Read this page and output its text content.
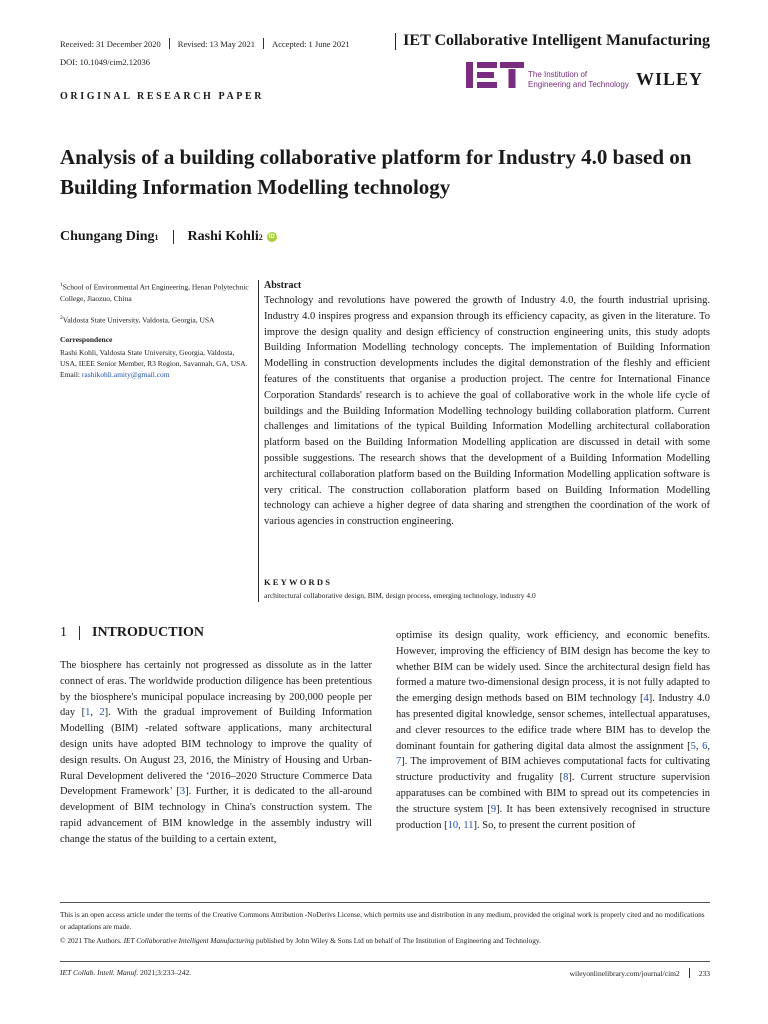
Received: 31 December 2020 Revised: 13 May 2021 Accepted: 1 June 2021	IET Collaborative Intelligent Manufacturing
DOI: 10.1049/cim2.12036
The Institution of
Engineering and Technology WILEY
ORIGINAL RESEARCH PAPER
Analysis of a building collaborative platform for Industry 4.0 based on Building Information Modelling technology
Chungang Ding 1 Rashi Kohli 2	iD

$^1$School of Environmental Art Engineering, Henan Polytechnic College, Jiaozuo, China

$^2$Valdosta State University, Valdosta, Georgia, USA

Correspondence
Rashi Kohli, Valdosta State University, Georgia, Valdosta, USA, IEEE Senior Member, R3 Region, Savannah, GA, USA.
Email: rashikohli.amity@gmail.com
Abstract

Technology and revolutions have powered the growth of Industry 4.0, the fourth industrial uprising. Industry 4.0 inspires progress and expansion through its efficiency capacity, as given in the literature. To improve the design quality and design efficiency of construction engineering units, this study adopts Building Information Modelling technology concepts. The implementation of Building Information Modelling in construction developments includes the digital demonstration of the fleshly and efficient features of the constituents that organise a production project. The centre for International Finance Corporation Standards' research is to achieve the goal of collaborative work in the whole life cycle of buildings and the Building Information Modelling technology building collaboration platform. Current challenges and limitations of the typical Building Information Modelling architectural collaboration platform based on the Building Information Modelling application are discussed in detail with some possible suggestions. The research shows that the development of a Building Information Modelling architectural collaboration platform based on the Building Information Modelling application software is very critical. The construction collaboration platform based on Building Information Modelling technology can achieve a higher degree of data sharing and strengthen the coordination of the work of various agencies in construction engineering.

KEYWORDS
architectural collaborative design, BIM, design process, emerging technology, industry 4.0
1 INTRODUCTION

The biosphere has certainly not progressed as dissolute as in the latter connect of eras. The worldwide production diligence has been pretentious by the biosphere's municipal populace increasing by 200,000 people per day [1, 2]. With the gradual improvement of Building Information Modelling (BIM) -related software applications, many architectural design units have adopted BIM technology to improve the quality of design results. On August 23, 2016, the Ministry of Housing and Urban-Rural Development delivered the ‘2016–2020 Structure Commerce Data Development Framework’ [3]. Further, it is dedicated to the all-around development of BIM technology in China's construction system. The rapid advancement of BIM knowledge in the assembly industry will change the status of the building to a certain extent,

optimise its design quality, work efficiency, and economic benefits. However, improving the efficiency of BIM design has become the key to whether BIM can be widely used. Since the architectural design field has formed a mature two-dimensional design process, it is not fully adapted to the emerging design methods based on BIM technology [4]. Industry 4.0 has presented digital knowledge, sensor schemes, intellectual apparatuses, and clever resources to the edifice trade where BIM has to develop the dominant fountain for gathering digital data almost the assignment [5, 6, 7]. The improvement of BIM achieves computational facts for cultivating structure productivity and frugality [8]. Current structure supervision apparatuses can be combined with BIM to spread out its competencies in the structure system [9]. It has been extensively recognised in structure production [10, 11]. So, to present the current position of

This is an open access article under the terms of the Creative Commons Attribution -NoDerivs License, which permits use and distribution in any medium, provided the original work is properly cited and no modifications or adaptations are made.
© 2021 The Authors. IET Collaborative Intelligent Manufacturing published by John Wiley & Sons Ltd on behalf of The Institution of Engineering and Technology.
IET Collab. Intell. Manuf. 2021;3:233–242.	wileyonlinelibrary.com/journal/cim2	233
